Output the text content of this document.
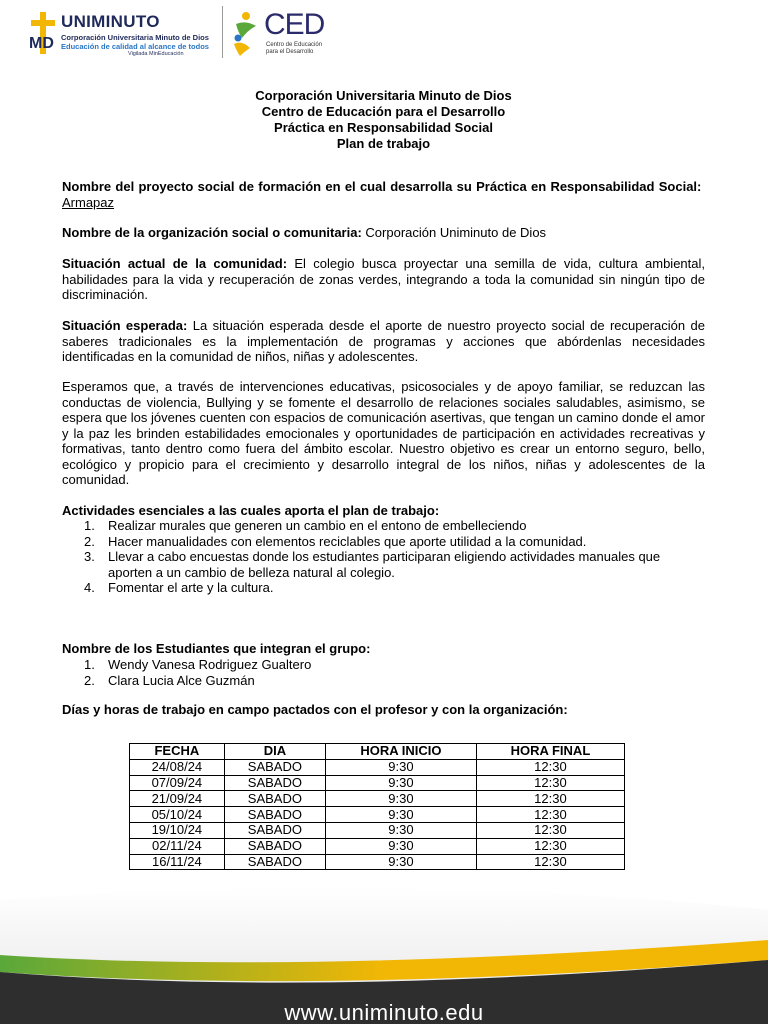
MD
UNIMINUTO
Corporación Universitaria Minuto de Dios
Educación de calidad al alcance de todos
Vigilada MinEducación
CED
Centro de Educación
para el Desarrollo
Corporación Universitaria Minuto de Dios
Centro de Educación para el Desarrollo
Práctica en Responsabilidad Social
Plan de trabajo
Nombre del proyecto social de formación en el cual desarrolla su Práctica en Responsabilidad Social:  Armapaz
Nombre de la organización social o comunitaria: Corporación Uniminuto de Dios
Situación actual de la comunidad: El colegio busca proyectar una semilla de vida, cultura ambiental, habilidades para la vida y recuperación de zonas verdes, integrando a toda la comunidad sin ningún tipo de discriminación.
Situación esperada: La situación esperada desde el aporte de nuestro proyecto social de recuperación de saberes tradicionales es la implementación de programas y acciones que abórdenlas necesidades identificadas en la comunidad de niños, niñas y adolescentes.
Esperamos que, a través de intervenciones educativas, psicosociales y de apoyo familiar, se reduzcan las conductas de violencia, Bullying y se fomente el desarrollo de relaciones sociales saludables, asimismo, se espera que los jóvenes cuenten con espacios de comunicación asertivas, que tengan un camino donde el amor y la paz les brinden estabilidades emocionales y oportunidades de participación en actividades recreativas y formativas, tanto dentro como fuera del ámbito escolar. Nuestro objetivo es crear un entorno seguro, bello, ecológico y propicio para el crecimiento y desarrollo integral de los niños, niñas y adolescentes de la comunidad.
Actividades esenciales a las cuales aporta el plan de trabajo:
1. Realizar murales que generen un cambio en el entono de embelleciendo
2. Hacer manualidades con elementos reciclables que aporte utilidad a la comunidad.
3. Llevar a cabo encuestas donde los estudiantes participaran eligiendo actividades manuales que aporten a un cambio de belleza natural al colegio.
4. Fomentar el arte y la cultura.
Nombre de los Estudiantes que integran el grupo:
1. Wendy Vanesa Rodriguez Gualtero
2. Clara Lucia Alce Guzmán
Días y horas de trabajo en campo pactados con el profesor y con la organización:
FECHA	DIA	HORA INICIO	HORA FINAL
24/08/24	SABADO	9:30	12:30
07/09/24	SABADO	9:30	12:30
21/09/24	SABADO	9:30	12:30
05/10/24	SABADO	9:30	12:30
19/10/24	SABADO	9:30	12:30
02/11/24	SABADO	9:30	12:30
16/11/24	SABADO	9:30	12:30
www.uniminuto.edu
